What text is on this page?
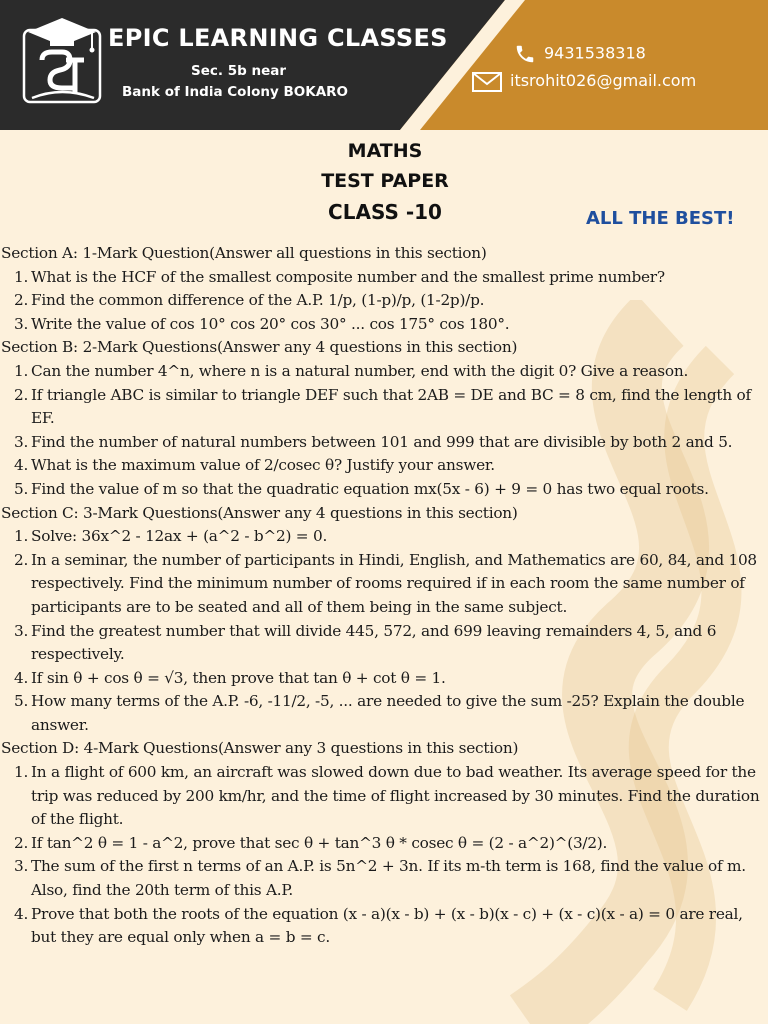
EPIC LEARNING CLASSES
Sec. 5b near
Bank of India Colony BOKARO
9431538318
itsrohit026@gmail.com
MATHS
TEST PAPER
CLASS -10	ALL THE BEST!
Section A: 1-Mark Question(Answer all questions in this section)
1. What is the HCF of the smallest composite number and the smallest prime number?
2. Find the common difference of the A.P. 1/p, (1-p)/p, (1-2p)/p.
3. Write the value of cos 10° cos 20° cos 30° ... cos 175° cos 180°.
Section B: 2-Mark Questions(Answer any 4 questions in this section)
1. Can the number 4^n, where n is a natural number, end with the digit 0? Give a reason.
2. If triangle ABC is similar to triangle DEF such that 2AB = DE and BC = 8 cm, find the length of EF.
3. Find the number of natural numbers between 101 and 999 that are divisible by both 2 and 5.
4. What is the maximum value of 2/cosec θ? Justify your answer.
5. Find the value of m so that the quadratic equation mx(5x - 6) + 9 = 0 has two equal roots.
Section C: 3-Mark Questions(Answer any 4 questions in this section)
1. Solve: 36x^2 - 12ax + (a^2 - b^2) = 0.
2. In a seminar, the number of participants in Hindi, English, and Mathematics are 60, 84, and 108 respectively. Find the minimum number of rooms required if in each room the same number of participants are to be seated and all of them being in the same subject.
3. Find the greatest number that will divide 445, 572, and 699 leaving remainders 4, 5, and 6 respectively.
4. If sin θ + cos θ = √3, then prove that tan θ + cot θ = 1.
5. How many terms of the A.P. -6, -11/2, -5, ... are needed to give the sum -25? Explain the double answer.
Section D: 4-Mark Questions(Answer any 3 questions in this section)
1. In a flight of 600 km, an aircraft was slowed down due to bad weather. Its average speed for the trip was reduced by 200 km/hr, and the time of flight increased by 30 minutes. Find the duration of the flight.
2. If tan^2 θ = 1 - a^2, prove that sec θ + tan^3 θ * cosec θ = (2 - a^2)^(3/2).
3. The sum of the first n terms of an A.P. is 5n^2 + 3n. If its m-th term is 168, find the value of m. Also, find the 20th term of this A.P.
4. Prove that both the roots of the equation (x - a)(x - b) + (x - b)(x - c) + (x - c)(x - a) = 0 are real, but they are equal only when a = b = c.
